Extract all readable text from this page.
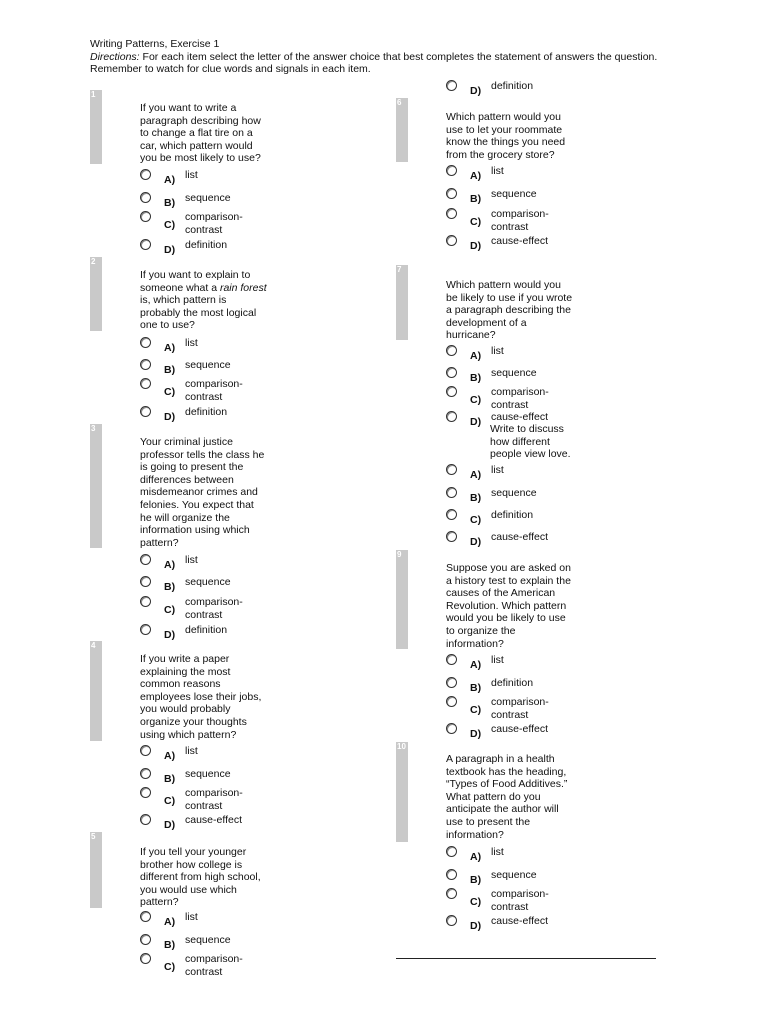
Writing Patterns, Exercise 1
Directions: For each item select the letter of the answer choice that best completes the statement of answers the question.
Remember to watch for clue words and signals in each item.
D) definition
1
If you want to write a paragraph describing how to change a flat tire on a car, which pattern would you be most likely to use?
A) list
B) sequence
C)
comparison-contrast
D) definition
2
If you want to explain to someone what a rain forest is, which pattern is probably the most logical one to use?
A) list
B) sequence
C)
comparison-contrast
D) definition
3
Your criminal justice professor tells the class he is going to present the differences between misdemeanor crimes and felonies. You expect that he will organize the information using which pattern?
A) list
B) sequence
C)
comparison-contrast
D) definition
4
If you write a paper explaining the most common reasons employees lose their jobs, you would probably organize your thoughts using which pattern?
A) list
B) sequence
C)
comparison-contrast
D) cause-effect
5
If you tell your younger brother how college is different from high school, you would use which pattern?
A) list
B) sequence
C)
comparison-contrast
6
Which pattern would you use to let your roommate know the things you need from the grocery store?
A) list
B) sequence
C)
comparison-contrast
D) cause-effect
7
Which pattern would you be likely to use if you wrote a paragraph describing the development of a hurricane?
A) list
B) sequence
C)
comparison-contrast
D) cause-effect
Write to discuss how different people view love.
A) list
B) sequence
C) definition
D) cause-effect
9
Suppose you are asked on a history test to explain the causes of the American Revolution. Which pattern would you be likely to use to organize the information?
A) list
B) definition
C)
comparison-contrast
D) cause-effect
10
A paragraph in a health textbook has the heading, “Types of Food Additives.” What pattern do you anticipate the author will use to present the information?
A) list
B) sequence
C)
comparison-contrast
D) cause-effect
